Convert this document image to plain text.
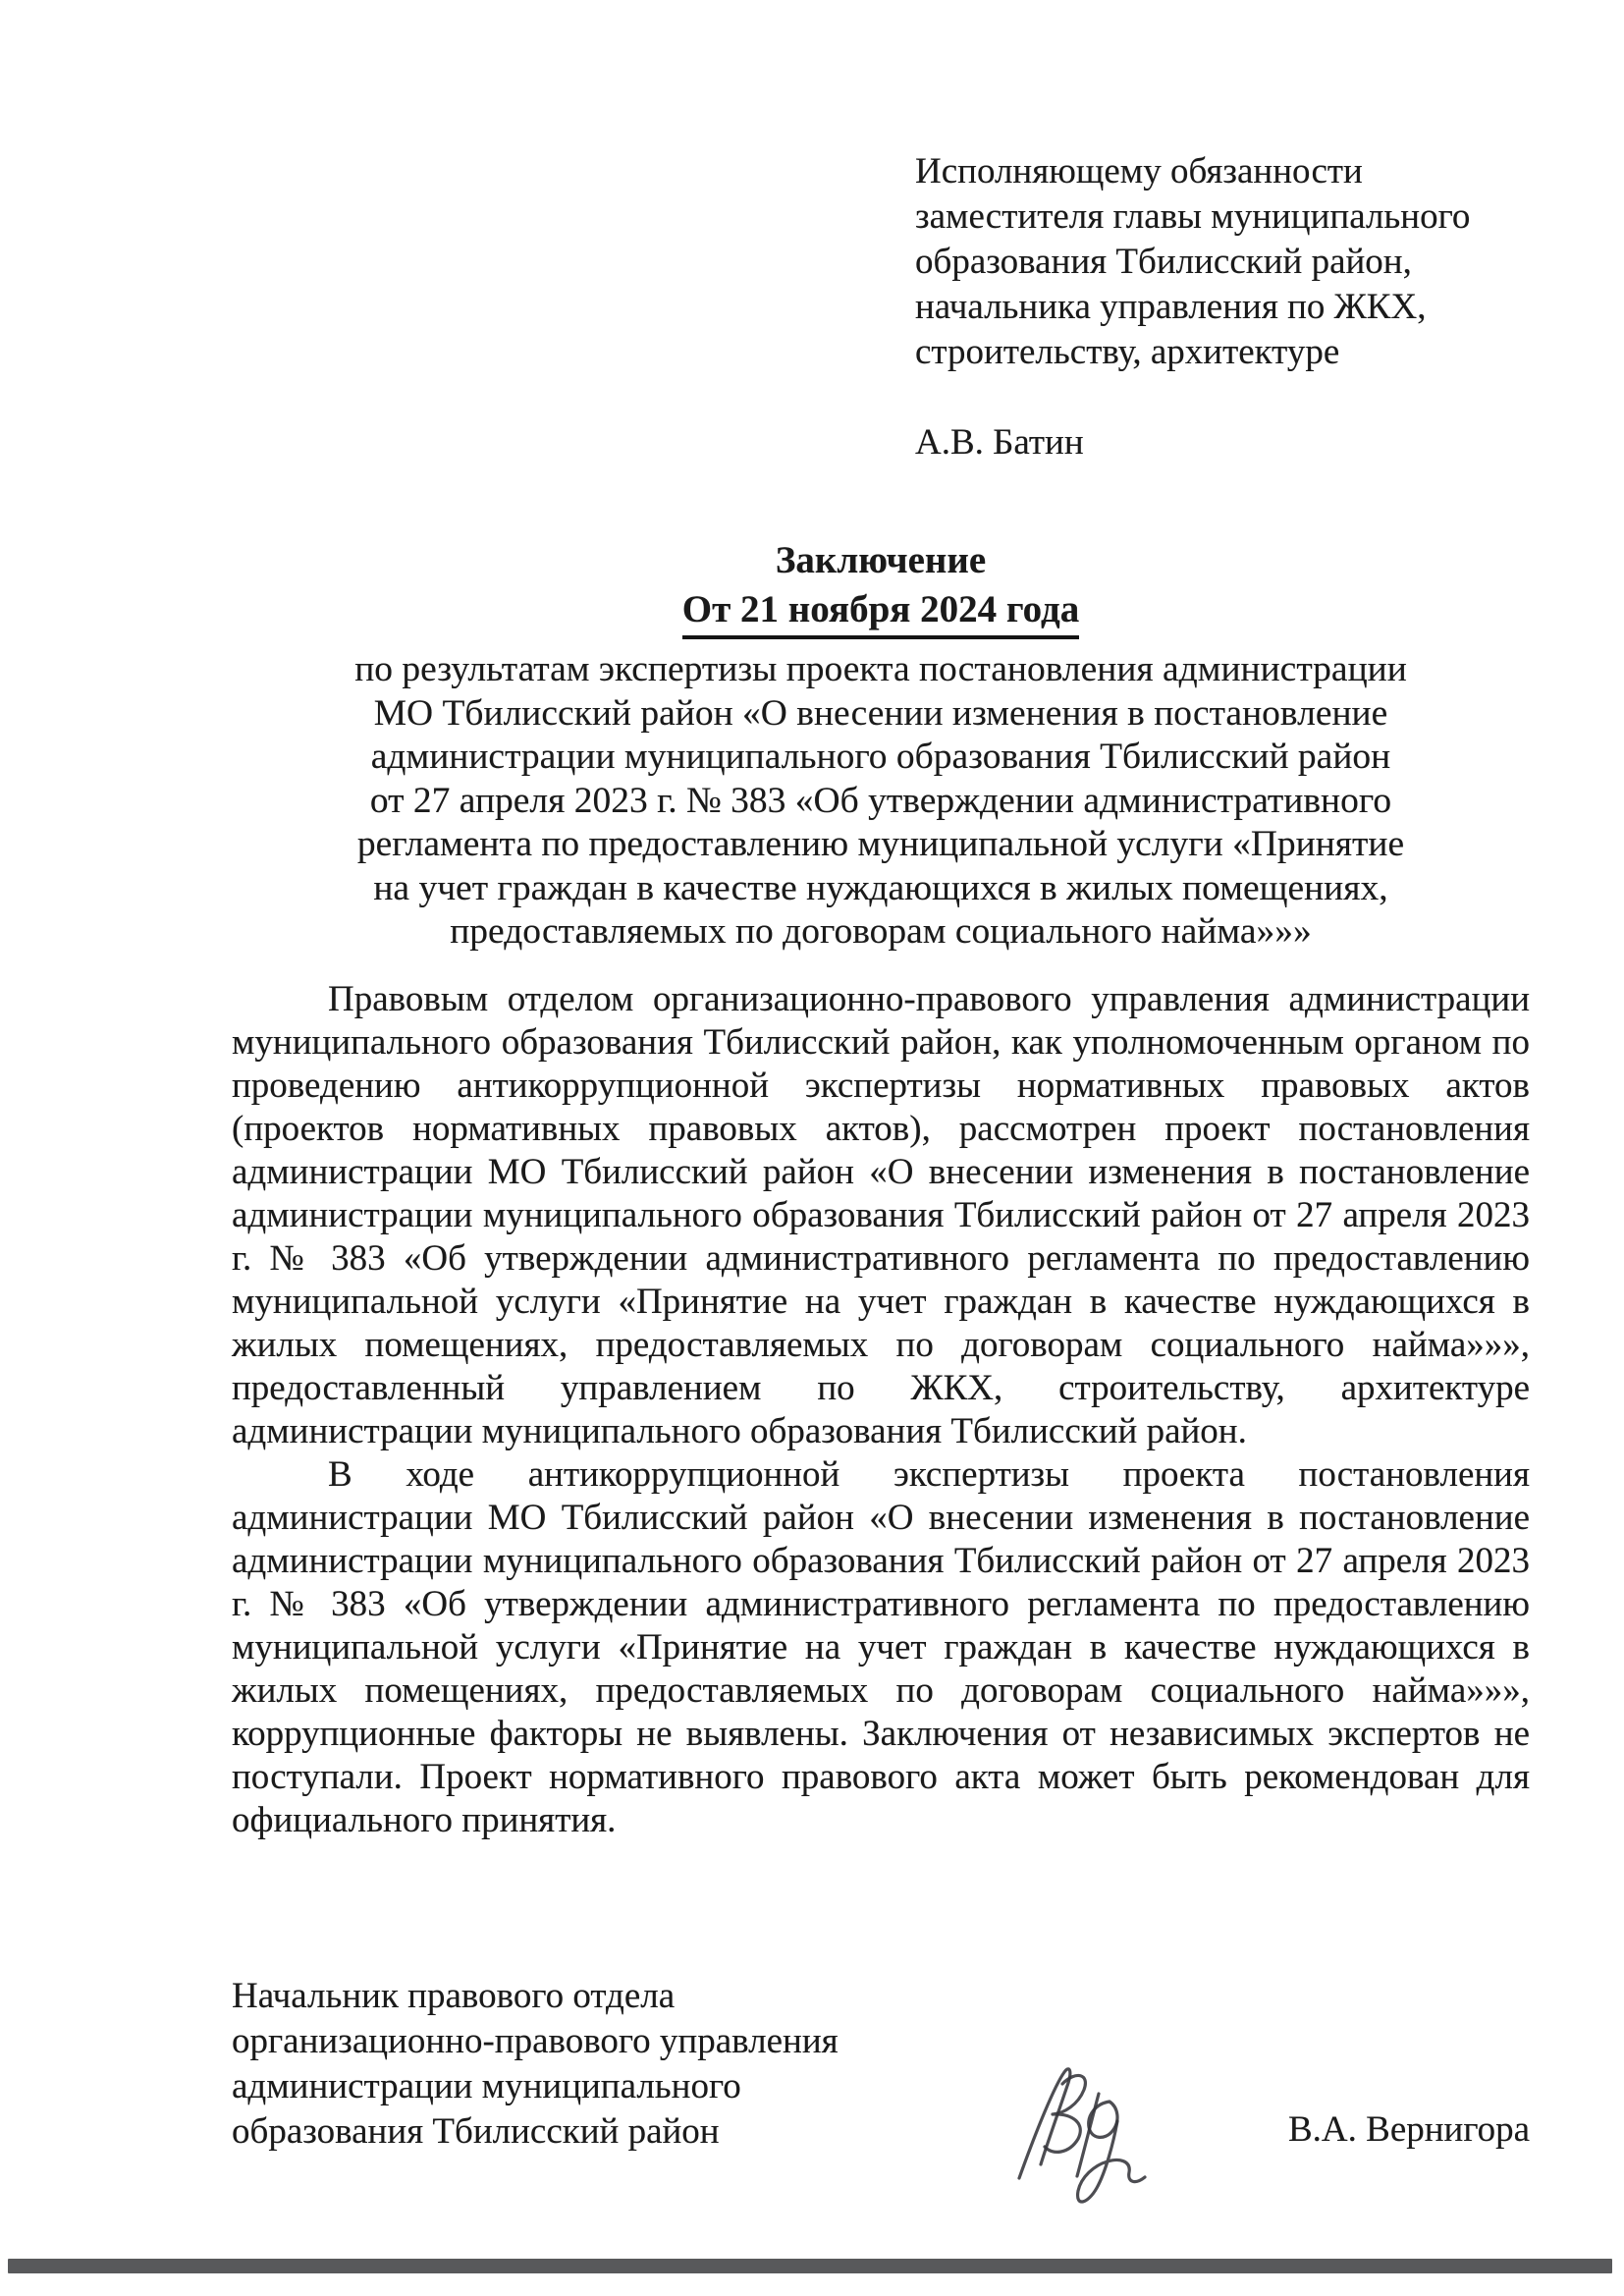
Исполняющему обязанности
заместителя главы муниципального
образования Тбилисский район,
начальника управления по ЖКХ,
строительству, архитектуре
А.В. Батин
Заключение
От 21 ноября 2024 года
по результатам экспертизы проекта постановления администрации
МО Тбилисский район «О внесении изменения в постановление
администрации муниципального образования Тбилисский район
от 27 апреля 2023 г. № 383 «Об утверждении административного
регламента по предоставлению муниципальной услуги «Принятие
на учет граждан в качестве нуждающихся в жилых помещениях,
предоставляемых по договорам социального найма»»»

Правовым отделом организационно-правового управления администрации муниципального образования Тбилисский район, как уполномоченным органом по проведению антикоррупционной экспертизы нормативных правовых актов (проектов нормативных правовых актов), рассмотрен проект постановления администрации МО Тбилисский район «О внесении изменения в постановление администрации муниципального образования Тбилисский район от 27 апреля 2023 г. № 383 «Об утверждении административного регламента по предоставлению муниципальной услуги «Принятие на учет граждан в качестве нуждающихся в жилых помещениях, предоставляемых по договорам социального найма»»», предоставленный управлением по ЖКХ, строительству, архитектуре администрации муниципального образования Тбилисский район.

В ходе антикоррупционной экспертизы проекта постановления администрации МО Тбилисский район «О внесении изменения в постановление администрации муниципального образования Тбилисский район от 27 апреля 2023 г. № 383 «Об утверждении административного регламента по предоставлению муниципальной услуги «Принятие на учет граждан в качестве нуждающихся в жилых помещениях, предоставляемых по договорам социального найма»»», коррупционные факторы не выявлены. Заключения от независимых экспертов не поступали. Проект нормативного правового акта может быть рекомендован для официального принятия.

Начальник правового отдела
организационно-правового управления
администрации муниципального
образования Тбилисский район	В.А. Вернигора
